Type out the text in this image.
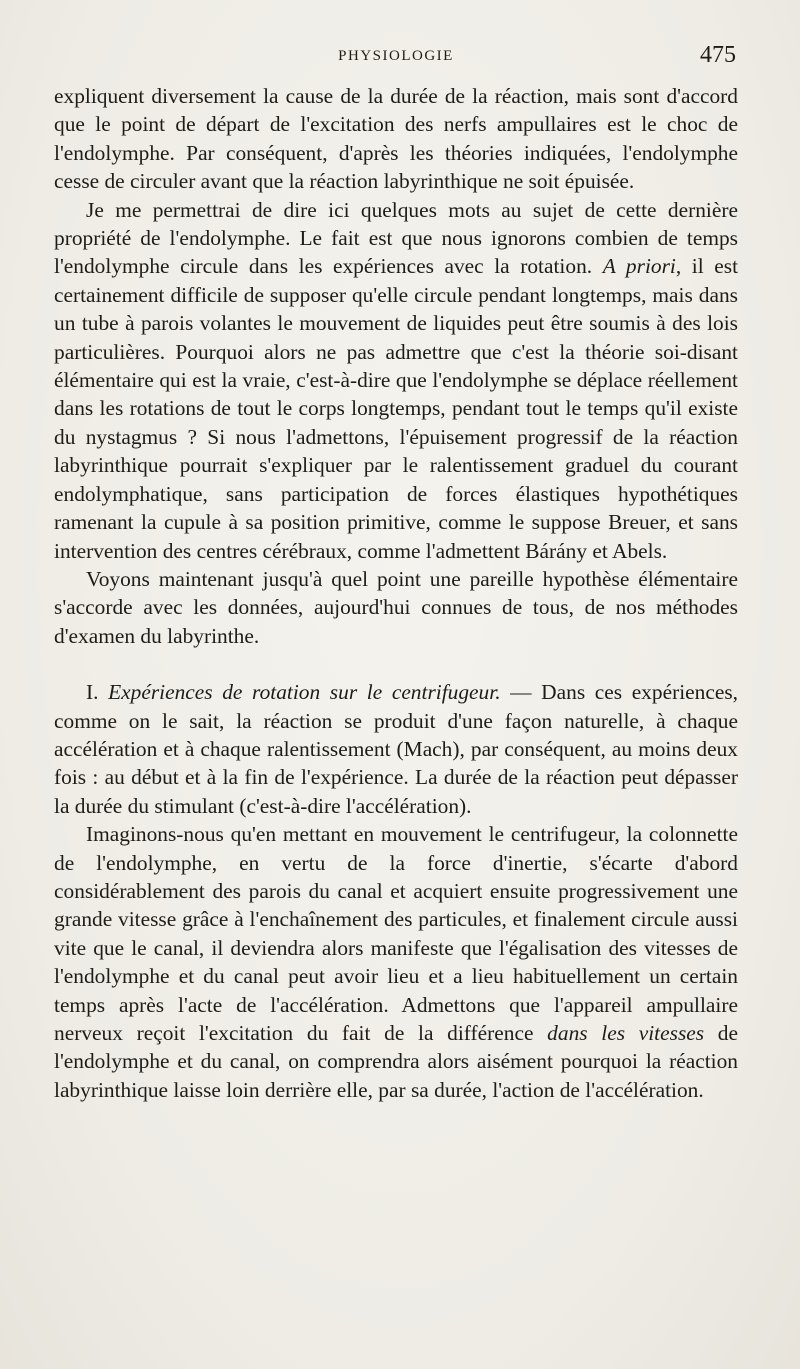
PHYSIOLOGIE	475

expliquent diversement la cause de la durée de la réaction, mais sont d'accord que le point de départ de l'excitation des nerfs ampullaires est le choc de l'endolymphe. Par conséquent, d'après les théories indiquées, l'endolymphe cesse de circuler avant que la réaction labyrinthique ne soit épuisée.

Je me permettrai de dire ici quelques mots au sujet de cette dernière propriété de l'endolymphe. Le fait est que nous ignorons combien de temps l'endolymphe circule dans les expériences avec la rotation. A priori, il est certainement difficile de supposer qu'elle circule pendant longtemps, mais dans un tube à parois volantes le mouvement de liquides peut être soumis à des lois particulières. Pourquoi alors ne pas admettre que c'est la théorie soi-disant élémentaire qui est la vraie, c'est-à-dire que l'endolymphe se déplace réellement dans les rotations de tout le corps longtemps, pendant tout le temps qu'il existe du nystagmus ? Si nous l'admettons, l'épuisement progressif de la réaction labyrinthique pourrait s'expliquer par le ralentissement graduel du courant endolymphatique, sans participation de forces élastiques hypothétiques ramenant la cupule à sa position primitive, comme le suppose Breuer, et sans intervention des centres cérébraux, comme l'admettent Bárány et Abels.

Voyons maintenant jusqu'à quel point une pareille hypothèse élémentaire s'accorde avec les données, aujourd'hui connues de tous, de nos méthodes d'examen du labyrinthe.

I. Expériences de rotation sur le centrifugeur. — Dans ces expériences, comme on le sait, la réaction se produit d'une façon naturelle, à chaque accélération et à chaque ralentissement (Mach), par conséquent, au moins deux fois : au début et à la fin de l'expérience. La durée de la réaction peut dépasser la durée du stimulant (c'est-à-dire l'accélération).

Imaginons-nous qu'en mettant en mouvement le centrifugeur, la colonnette de l'endolymphe, en vertu de la force d'inertie, s'écarte d'abord considérablement des parois du canal et acquiert ensuite progressivement une grande vitesse grâce à l'enchaînement des particules, et finalement circule aussi vite que le canal, il deviendra alors manifeste que l'égalisation des vitesses de l'endolymphe et du canal peut avoir lieu et a lieu habituellement un certain temps après l'acte de l'accélération. Admettons que l'appareil ampullaire nerveux reçoit l'excitation du fait de la différence dans les vitesses de l'endolymphe et du canal, on comprendra alors aisément pourquoi la réaction labyrinthique laisse loin derrière elle, par sa durée, l'action de l'accélération.
